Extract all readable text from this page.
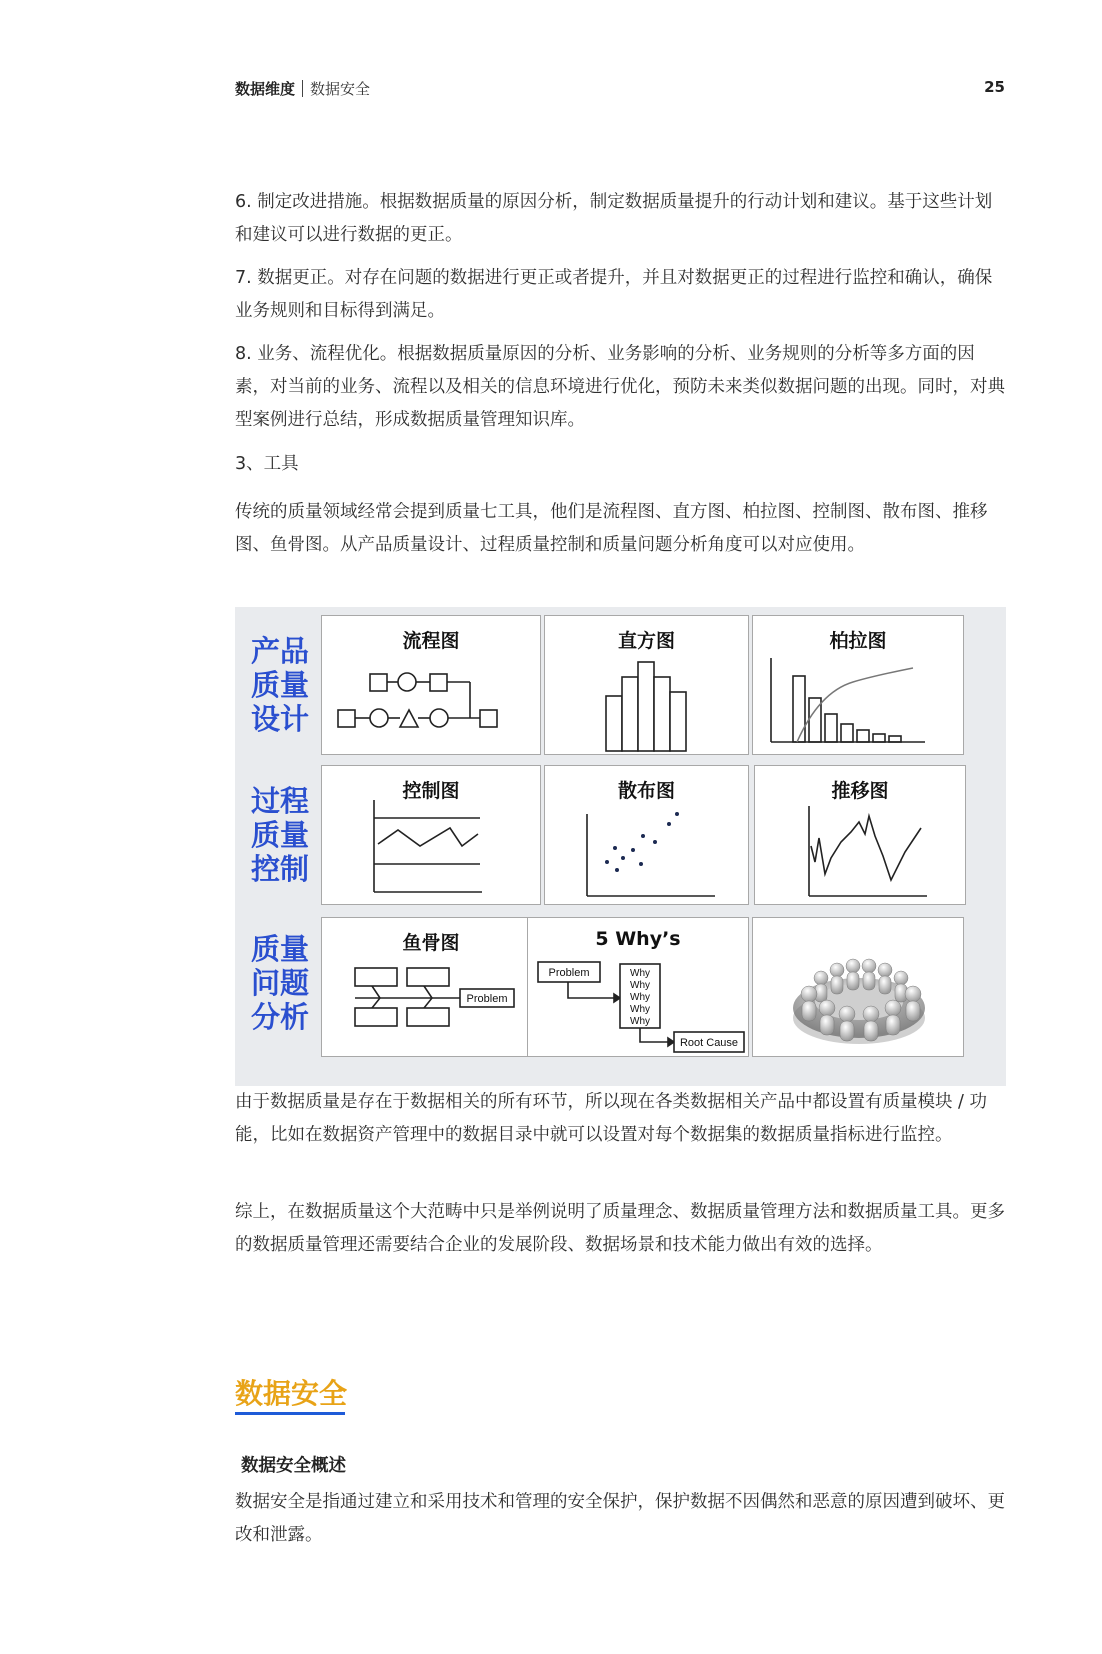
数据维度 数据安全	25

6. 制定改进措施。根据数据质量的原因分析，制定数据质量提升的行动计划和建议。基于这些计划和建议可以进行数据的更正。

7. 数据更正。对存在问题的数据进行更正或者提升，并且对数据更正的过程进行监控和确认，确保业务规则和目标得到满足。

8. 业务、流程优化。根据数据质量原因的分析、业务影响的分析、业务规则的分析等多方面的因素，对当前的业务、流程以及相关的信息环境进行优化，预防未来类似数据问题的出现。同时，对典型案例进行总结，形成数据质量管理知识库。

3、工具

传统的质量领域经常会提到质量七工具，他们是流程图、直方图、柏拉图、控制图、散布图、推移图、鱼骨图。从产品质量设计、过程质量控制和质量问题分析角度可以对应使用。

产品
质量
设计
过程
质量
控制
质量
问题
分析
流程图	直方图	柏拉图
控制图	散布图	推移图
鱼骨图
Problem
5 Why’s
Problem	Why
Why
Why
Why
Why
Root Cause

由于数据质量是存在于数据相关的所有环节，所以现在各类数据相关产品中都设置有质量模块 / 功能，比如在数据资产管理中的数据目录中就可以设置对每个数据集的数据质量指标进行监控。

综上，在数据质量这个大范畴中只是举例说明了质量理念、数据质量管理方法和数据质量工具。更多的数据质量管理还需要结合企业的发展阶段、数据场景和技术能力做出有效的选择。

数据安全
数据安全概述

数据安全是指通过建立和采用技术和管理的安全保护，保护数据不因偶然和恶意的原因遭到破坏、更改和泄露。
